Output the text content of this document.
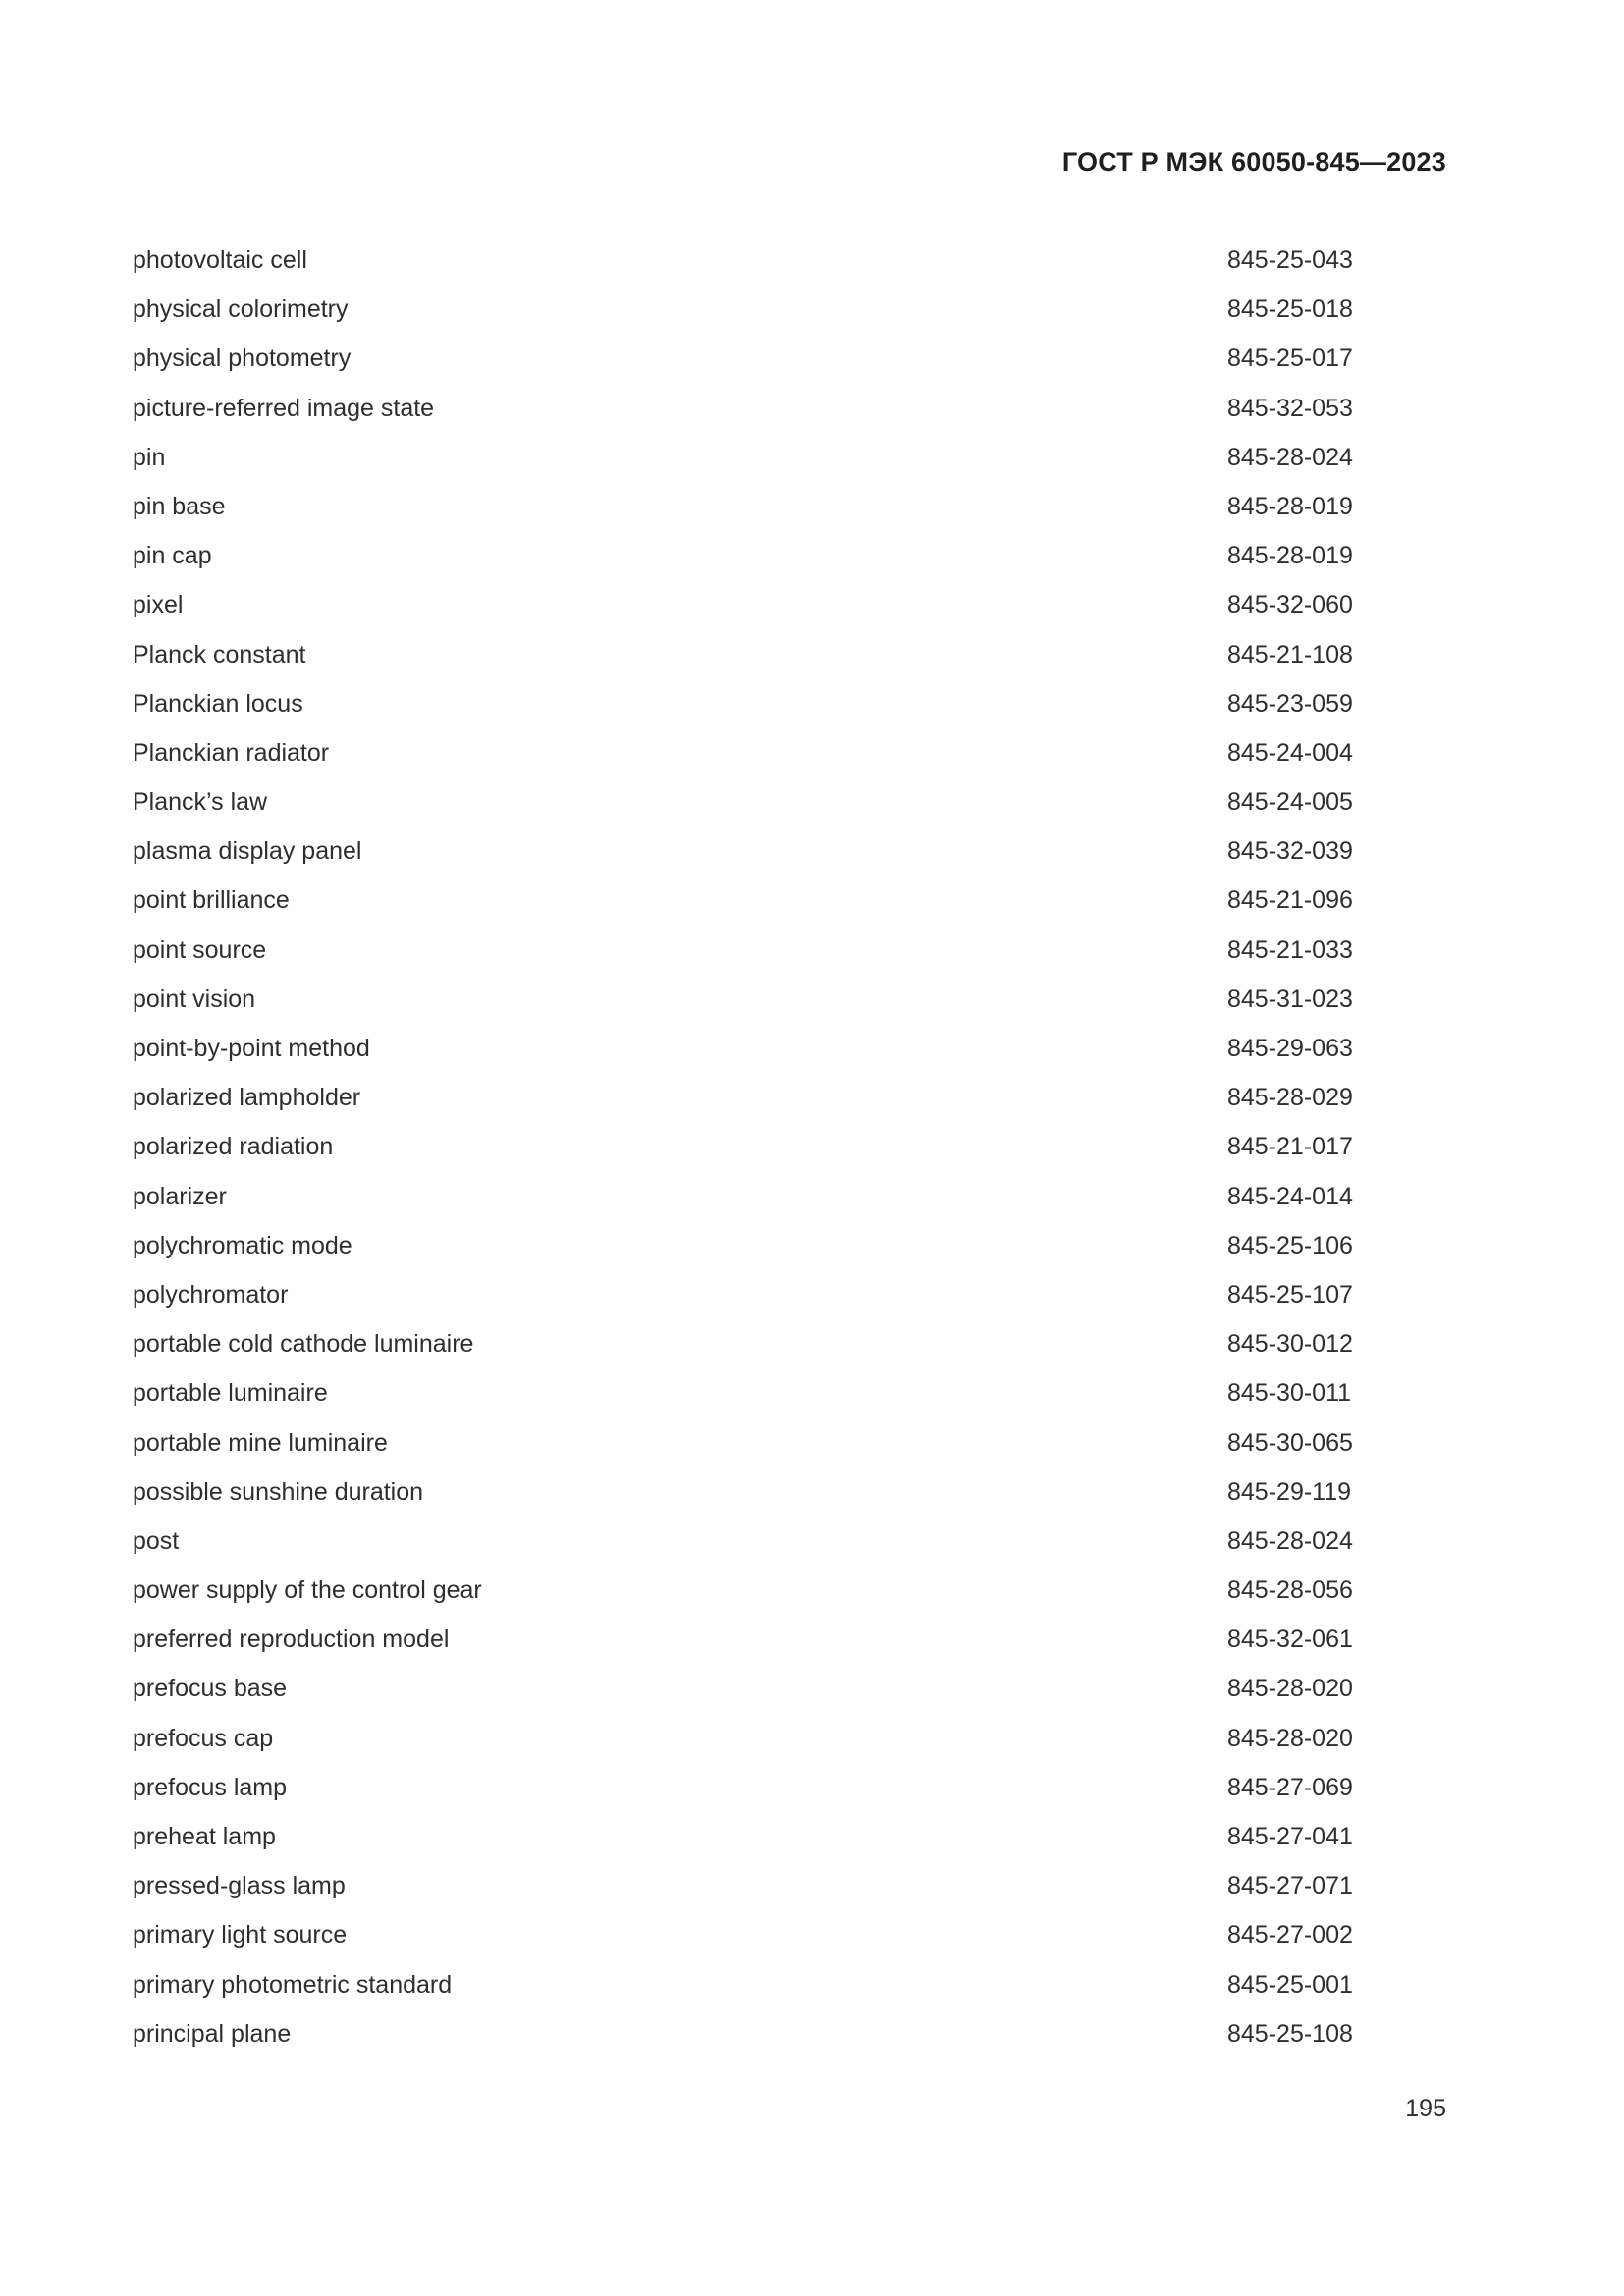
ГОСТ Р МЭК 60050-845—2023
photovoltaic cell	845-25-043
physical colorimetry	845-25-018
physical photometry	845-25-017
picture-referred image state	845-32-053
pin	845-28-024
pin base	845-28-019
pin cap	845-28-019
pixel	845-32-060
Planck constant	845-21-108
Planckian locus	845-23-059
Planckian radiator	845-24-004
Planck’s law	845-24-005
plasma display panel	845-32-039
point brilliance	845-21-096
point source	845-21-033
point vision	845-31-023
point-by-point method	845-29-063
polarized lampholder	845-28-029
polarized radiation	845-21-017
polarizer	845-24-014
polychromatic mode	845-25-106
polychromator	845-25-107
portable cold cathode luminaire	845-30-012
portable luminaire	845-30-011
portable mine luminaire	845-30-065
possible sunshine duration	845-29-119
post	845-28-024
power supply of the control gear	845-28-056
preferred reproduction model	845-32-061
prefocus base	845-28-020
prefocus cap	845-28-020
prefocus lamp	845-27-069
preheat lamp	845-27-041
pressed-glass lamp	845-27-071
primary light source	845-27-002
primary photometric standard	845-25-001
principal plane	845-25-108
195
